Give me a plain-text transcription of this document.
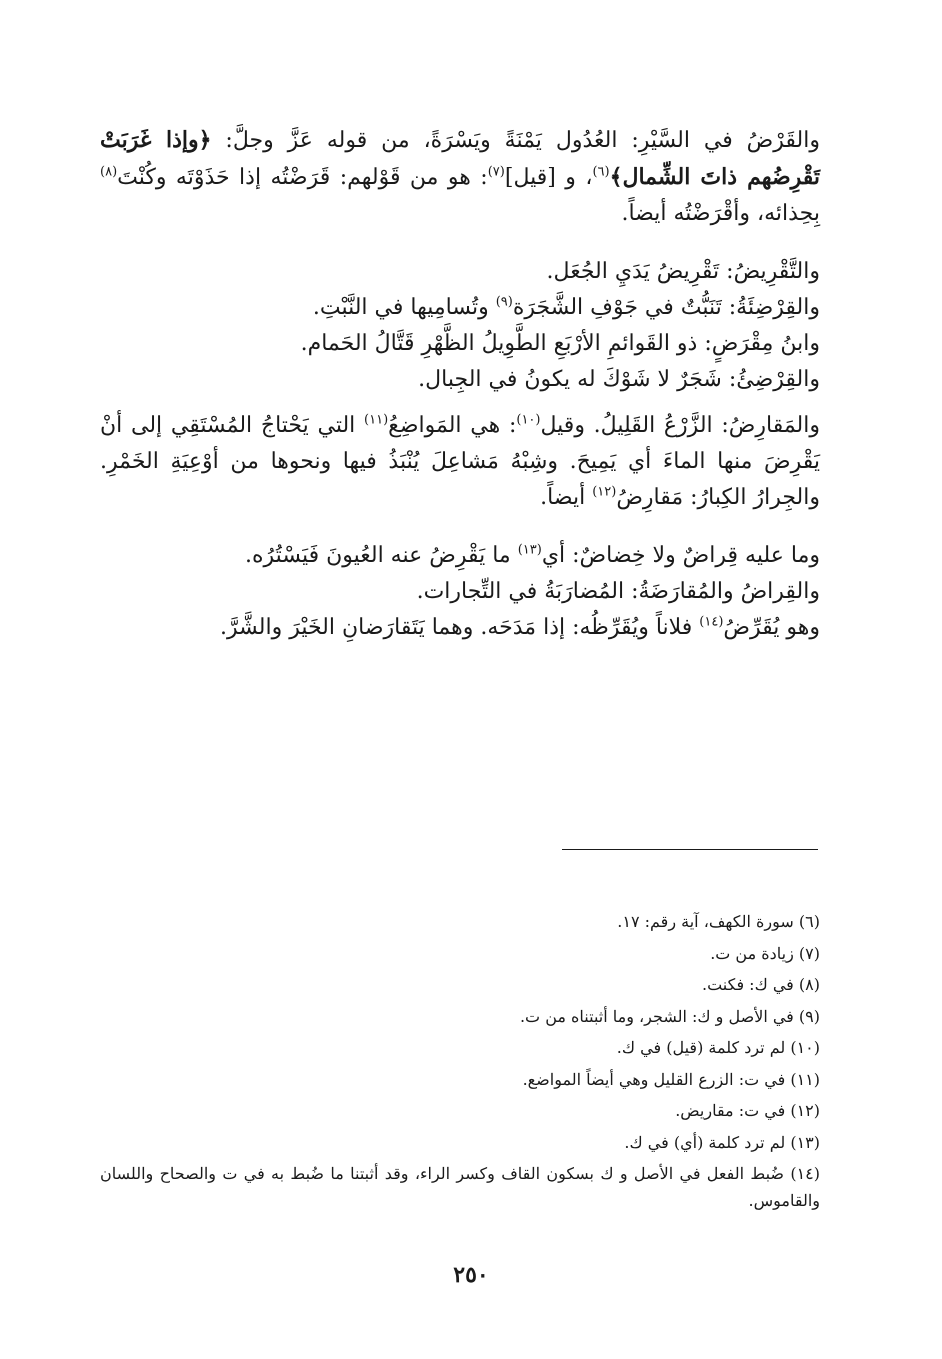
والقَرْضُ في السَّيْرِ: العُدُول يَمْنَةً ويَسْرَةً، من قوله عَزَّ وجلَّ: ﴿وإذا غَرَبَتْ تَقْرِضُهم ذاتَ الشِّمال﴾$^{(٦)}$، و [قيل]$^{(٧)}$: هو من قَوْلهم: قَرَضْتُه إذا حَذَوْتَه وكُنْتَ$^{(٨)}$ بِحِذائه، وأقْرَضْتُه أيضاً.

والتَّقْرِيضُ: تَقْرِيضُ يَدَيِ الجُعَل.

والقِرْضِئَةُ: تَنَبُّتٌ في جَوْفِ الشَّجَرَة$^{(٩)}$ وتُسامِيها في النَّبْتِ.

وابنُ مِقْرَضٍ: ذو القَوائمِ الأرْبَعِ الطَّوِيلُ الظَّهْرِ قَتَّالُ الحَمام.

والقِرْضِئُ: شَجَرٌ لا شَوْكَ له يكونُ في الجِبال.

والمَقارِضُ: الزَّرْعُ القَلِيلُ. وقيل$^{(١٠)}$: هي المَواضِعُ$^{(١١)}$ التي يَحْتاجُ المُسْتَقِي إلى أنْ يَقْرِضَ منها الماءَ أي يَمِيحَ. وشِبْهُ مَشاعِلَ يُنْبَذُ فيها ونحوها من أوْعِيَةِ الخَمْرِ. والجِرارُ الكِبارُ: مَقارِضُ$^{(١٢)}$ أيضاً.

وما عليه قِراضٌ ولا خِضاضٌ: أي$^{(١٣)}$ ما يَقْرِضُ عنه العُيونَ فَيَسْتُرُه.

والقِراضُ والمُقارَضَةُ: المُضارَبَةُ في التِّجارات.

وهو يُقَرِّضُ$^{(١٤)}$ فلاناً ويُقَرِّظُه: إذا مَدَحَه. وهما يَتَقارَضانِ الخَيْرَ والشَّرَّ.

(٦) سورة الكهف، آية رقم: ١٧.

(٧) زيادة من ت.

(٨) في ك: فكنت.

(٩) في الأصل و ك: الشجر، وما أثبتناه من ت.

(١٠) لم ترد كلمة (قيل) في ك.

(١١) في ت: الزرع القليل وهي أيضاً المواضع.

(١٢) في ت: مقاريض.

(١٣) لم ترد كلمة (أي) في ك.

(١٤) ضُبط الفعل في الأصل و ك بسكون القاف وكسر الراء، وقد أثبتنا ما ضُبط به في ت والصحاح واللسان والقاموس.

٢٥٠
